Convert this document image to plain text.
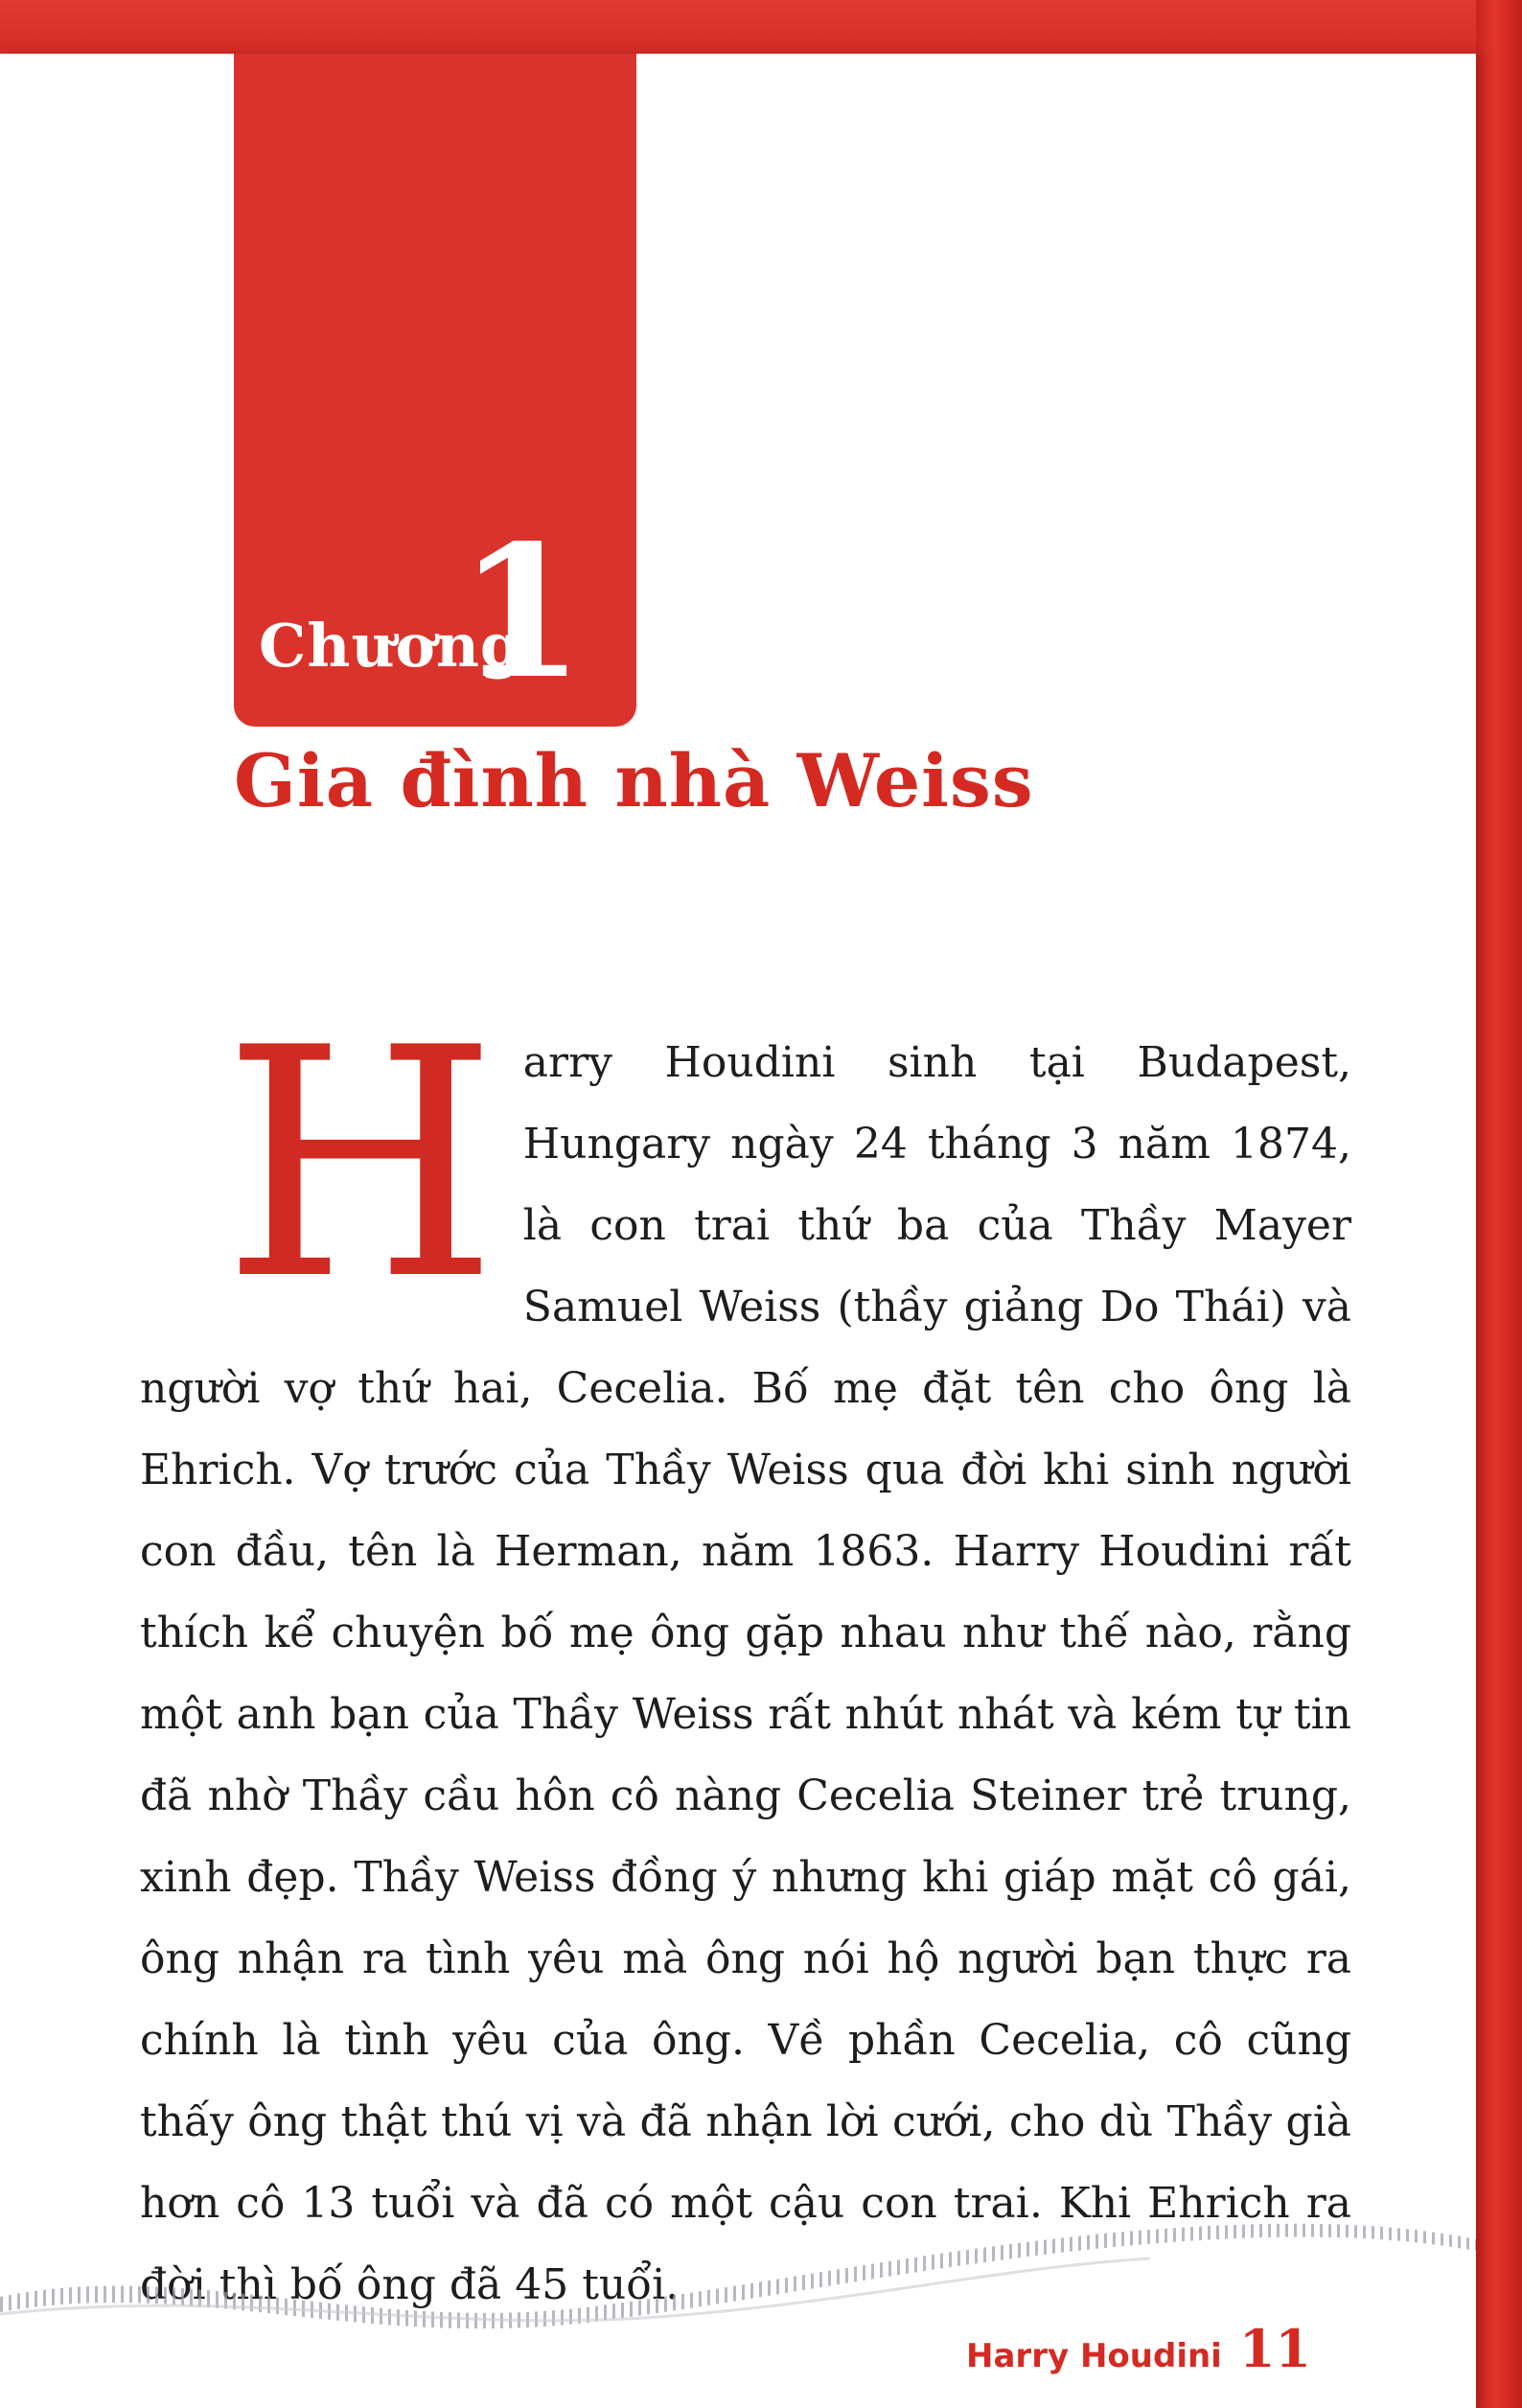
Chương
1
Gia đình nhà Weiss

Harry Houdini sinh tại Budapest, Hungary ngày 24 tháng 3 năm 1874, là con trai thứ ba của Thầy Mayer Samuel Weiss (thầy giảng Do Thái) và người vợ thứ hai, Cecelia. Bố mẹ đặt tên cho ông là Ehrich. Vợ trước của Thầy Weiss qua đời khi sinh người con đầu, tên là Herman, năm 1863. Harry Houdini rất thích kể chuyện bố mẹ ông gặp nhau như thế nào, rằng một anh bạn của Thầy Weiss rất nhút nhát và kém tự tin đã nhờ Thầy cầu hôn cô nàng Cecelia Steiner trẻ trung, xinh đẹp. Thầy Weiss đồng ý nhưng khi giáp mặt cô gái, ông nhận ra tình yêu mà ông nói hộ người bạn thực ra chính là tình yêu của ông. Về phần Cecelia, cô cũng thấy ông thật thú vị và đã nhận lời cưới, cho dù Thầy già hơn cô 13 tuổi và đã có một cậu con trai. Khi Ehrich ra đời thì bố ông đã 45 tuổi.

Harry Houdini 11
